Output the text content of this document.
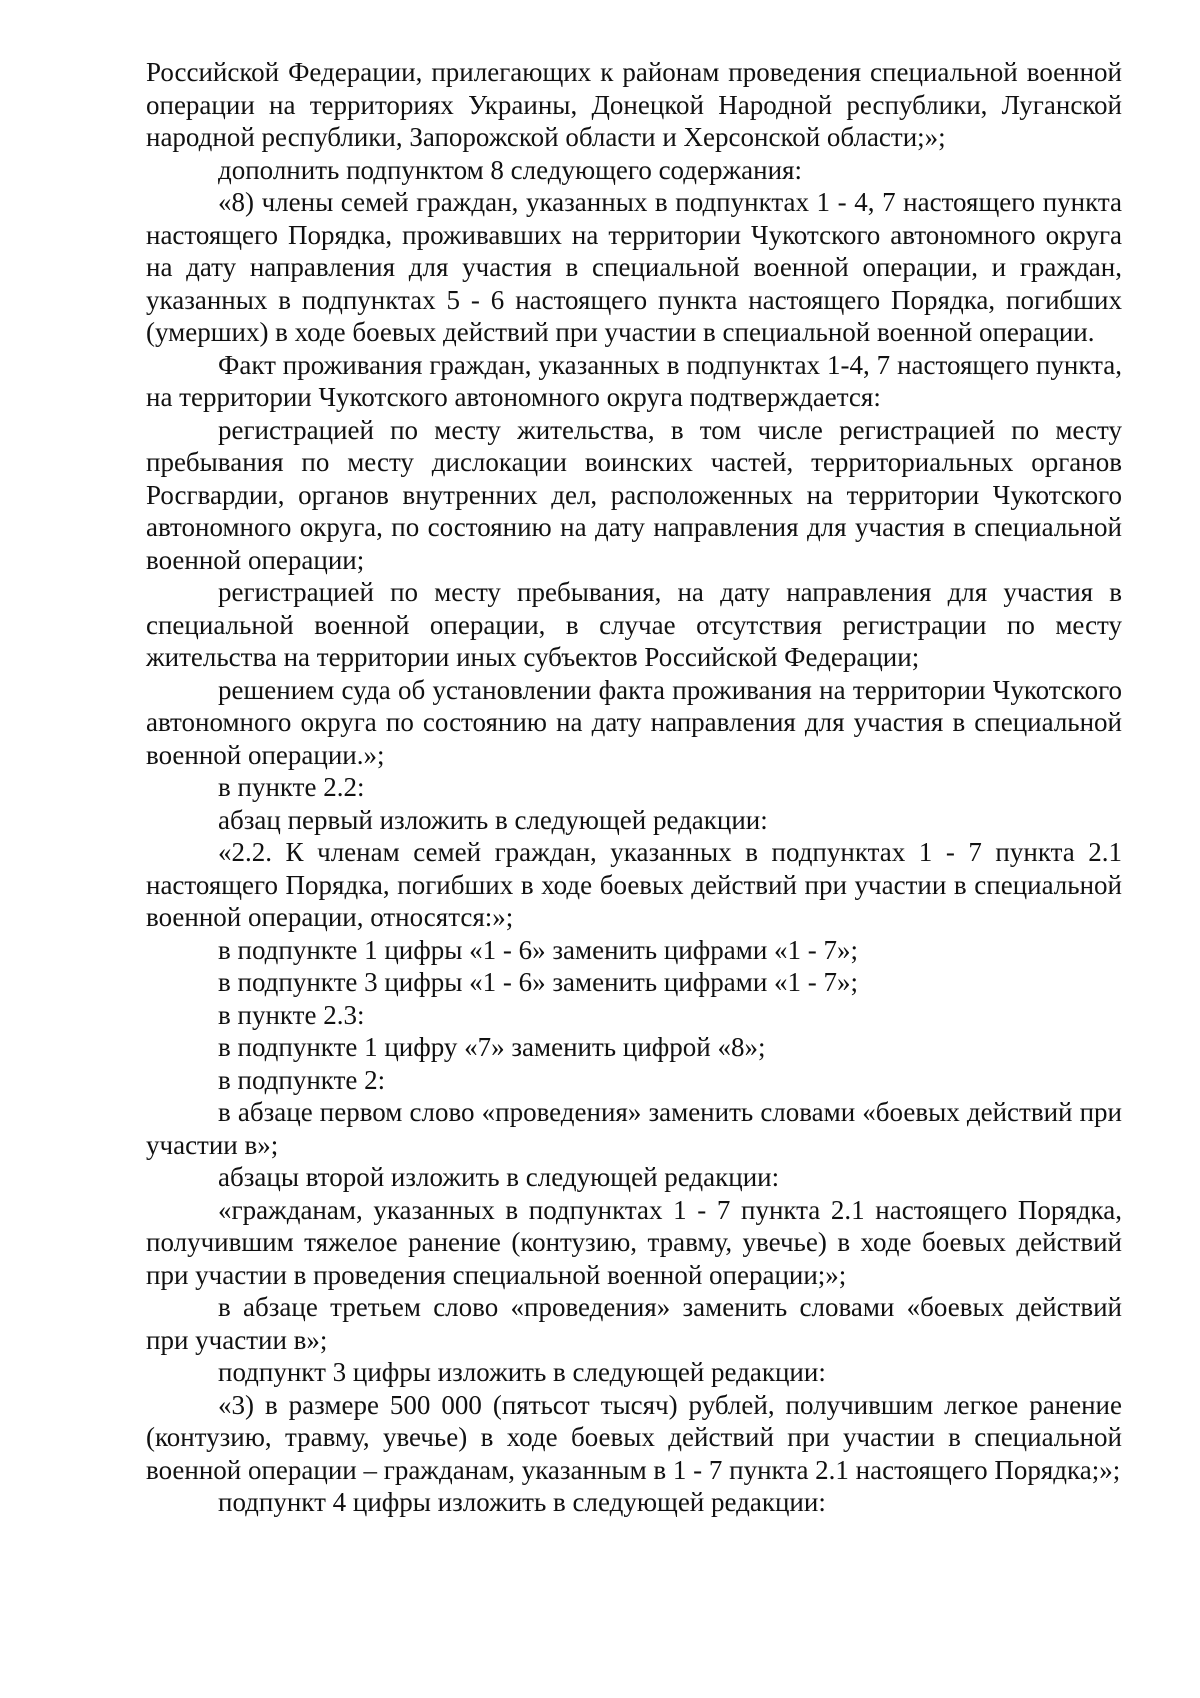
Российской Федерации, прилегающих к районам проведения специальной военной операции на территориях Украины, Донецкой Народной республики, Луганской народной республики, Запорожской области и Херсонской области;»;

дополнить подпунктом 8 следующего содержания:

«8) члены семей граждан, указанных в подпунктах 1 - 4, 7 настоящего пункта настоящего Порядка, проживавших на территории Чукотского автономного округа на дату направления для участия в специальной военной операции, и граждан, указанных в подпунктах 5 - 6 настоящего пункта настоящего Порядка, погибших (умерших) в ходе боевых действий при участии в специальной военной операции.

Факт проживания граждан, указанных в подпунктах 1-4, 7 настоящего пункта, на территории Чукотского автономного округа подтверждается:

регистрацией по месту жительства, в том числе регистрацией по месту пребывания по месту дислокации воинских частей, территориальных органов Росгвардии, органов внутренних дел, расположенных на территории Чукотского автономного округа, по состоянию на дату направления для участия в специальной военной операции;

регистрацией по месту пребывания, на дату направления для участия в специальной военной операции, в случае отсутствия регистрации по месту жительства на территории иных субъектов Российской Федерации;

решением суда об установлении факта проживания на территории Чукотского автономного округа по состоянию на дату направления для участия в специальной военной операции.»;

в пункте 2.2:

абзац первый изложить в следующей редакции:

«2.2. К членам семей граждан, указанных в подпунктах 1 - 7 пункта 2.1 настоящего Порядка, погибших в ходе боевых действий при участии в специальной военной операции, относятся:»;

в подпункте 1 цифры «1 - 6» заменить цифрами «1 - 7»;

в подпункте 3 цифры «1 - 6» заменить цифрами «1 - 7»;

в пункте 2.3:

в подпункте 1 цифру «7» заменить цифрой «8»;

в подпункте 2:

в абзаце первом слово «проведения» заменить словами «боевых действий при участии в»;

абзацы второй изложить в следующей редакции:

«гражданам, указанных в подпунктах 1 - 7 пункта 2.1 настоящего Порядка, получившим тяжелое ранение (контузию, травму, увечье) в ходе боевых действий при участии в проведения специальной военной операции;»;

в абзаце третьем слово «проведения» заменить словами «боевых действий при участии в»;

подпункт 3 цифры изложить в следующей редакции:

«3) в размере 500 000 (пятьсот тысяч) рублей, получившим легкое ранение (контузию, травму, увечье) в ходе боевых действий при участии в специальной военной операции – гражданам, указанным в 1 - 7 пункта 2.1 настоящего Порядка;»;

подпункт 4 цифры изложить в следующей редакции:
